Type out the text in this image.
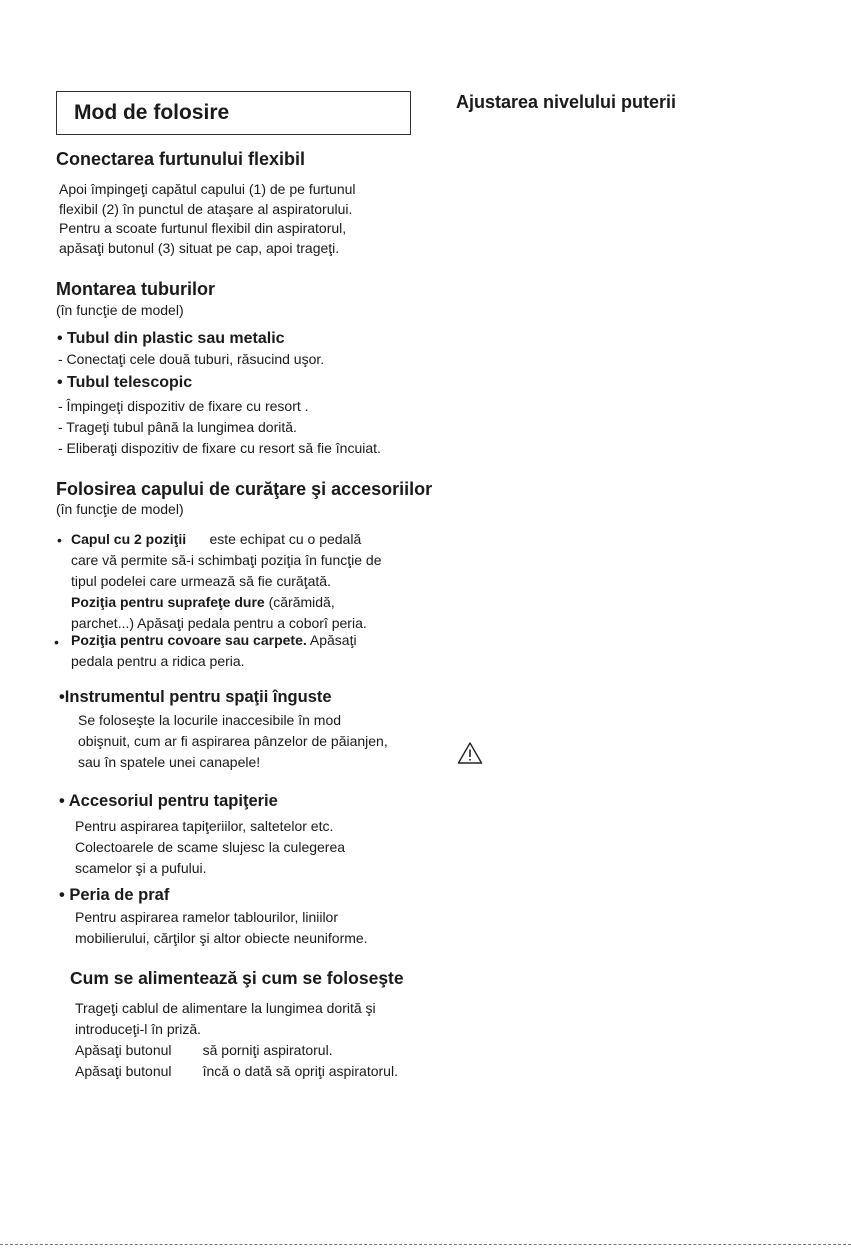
Mod de folosire	Ajustarea nivelului puterii
Conectarea furtunului flexibil
Apoi împingeţi capătul capului (1) de pe furtunul
flexibil (2) în punctul de ataşare al aspiratorului.
Pentru a scoate furtunul flexibil din aspiratorul,
apăsaţi butonul (3) situat pe cap, apoi trageţi.
Montarea tuburilor
(în funcţie de model)
• Tubul din plastic sau metalic
- Conectaţi cele două tuburi, răsucind uşor.
• Tubul telescopic
- Împingeţi dispozitiv de fixare cu resort .
- Trageţi tubul până la lungimea dorită.
- Eliberaţi dispozitiv de fixare cu resort să fie încuiat.
Folosirea capului de curăţare şi accesoriilor
(în funcţie de model)
• Capul cu 2 poziţii      este echipat cu o pedală
care vă permite să-i schimbaţi poziţia în funcţie de
tipul podelei care urmează să fie curăţată.
Poziţia pentru suprafeţe dure (cărămidă,
parchet...) Apăsaţi pedala pentru a coborî peria.
• Poziţia pentru covoare sau carpete. Apăsaţi
pedala pentru a ridica peria.
•Instrumentul pentru spaţii înguste
Se foloseşte la locurile inaccesibile în mod
obişnuit, cum ar fi aspirarea pânzelor de păianjen,
sau în spatele unei canapele!
• Accesoriul pentru tapiţerie
Pentru aspirarea tapiţeriilor, saltetelor etc.
Colectoarele de scame slujesc la culegerea
scamelor şi a pufului.
• Peria de praf
Pentru aspirarea ramelor tablourilor, liniilor
mobilierului, cărţilor şi altor obiecte neuniforme.
Cum se alimentează şi cum se foloseşte
Trageţi cablul de alimentare la lungimea dorită şi
introduceţi-l în priză.
Apăsaţi butonul        să porniţi aspiratorul.
Apăsaţi butonul        încă o dată să opriţi aspiratorul.
